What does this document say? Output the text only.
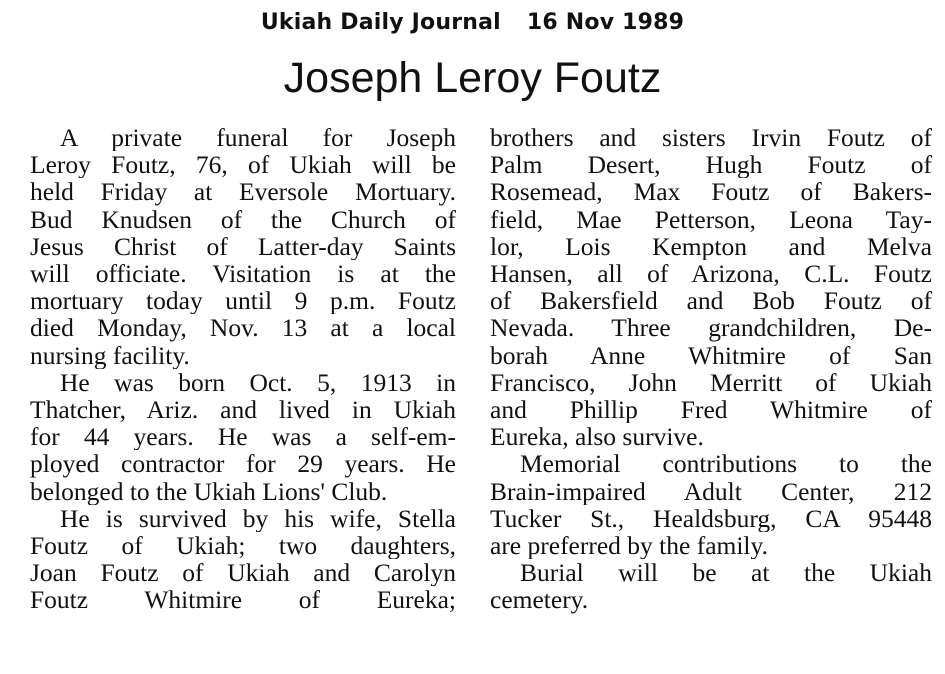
Ukiah Daily Journal 16 Nov 1989
Joseph Leroy Foutz
A private funeral for Joseph
Leroy Foutz, 76, of Ukiah will be
held Friday at Eversole Mortuary.
Bud Knudsen of the Church of
Jesus Christ of Latter-day Saints
will officiate. Visitation is at the
mortuary today until 9 p.m. Foutz
died Monday, Nov. 13 at a local
nursing facility.
He was born Oct. 5, 1913 in
Thatcher, Ariz. and lived in Ukiah
for 44 years. He was a self-em-
ployed contractor for 29 years. He
belonged to the Ukiah Lions' Club.
He is survived by his wife, Stella
Foutz of Ukiah; two daughters,
Joan Foutz of Ukiah and Carolyn
Foutz Whitmire of Eureka;
brothers and sisters Irvin Foutz of
Palm Desert, Hugh Foutz of
Rosemead, Max Foutz of Bakers-
field, Mae Petterson, Leona Tay-
lor, Lois Kempton and Melva
Hansen, all of Arizona, C.L. Foutz
of Bakersfield and Bob Foutz of
Nevada. Three grandchildren, De-
borah Anne Whitmire of San
Francisco, John Merritt of Ukiah
and Phillip Fred Whitmire of
Eureka, also survive.
Memorial contributions to the
Brain-impaired Adult Center, 212
Tucker St., Healdsburg, CA 95448
are preferred by the family.
Burial will be at the Ukiah
cemetery.
